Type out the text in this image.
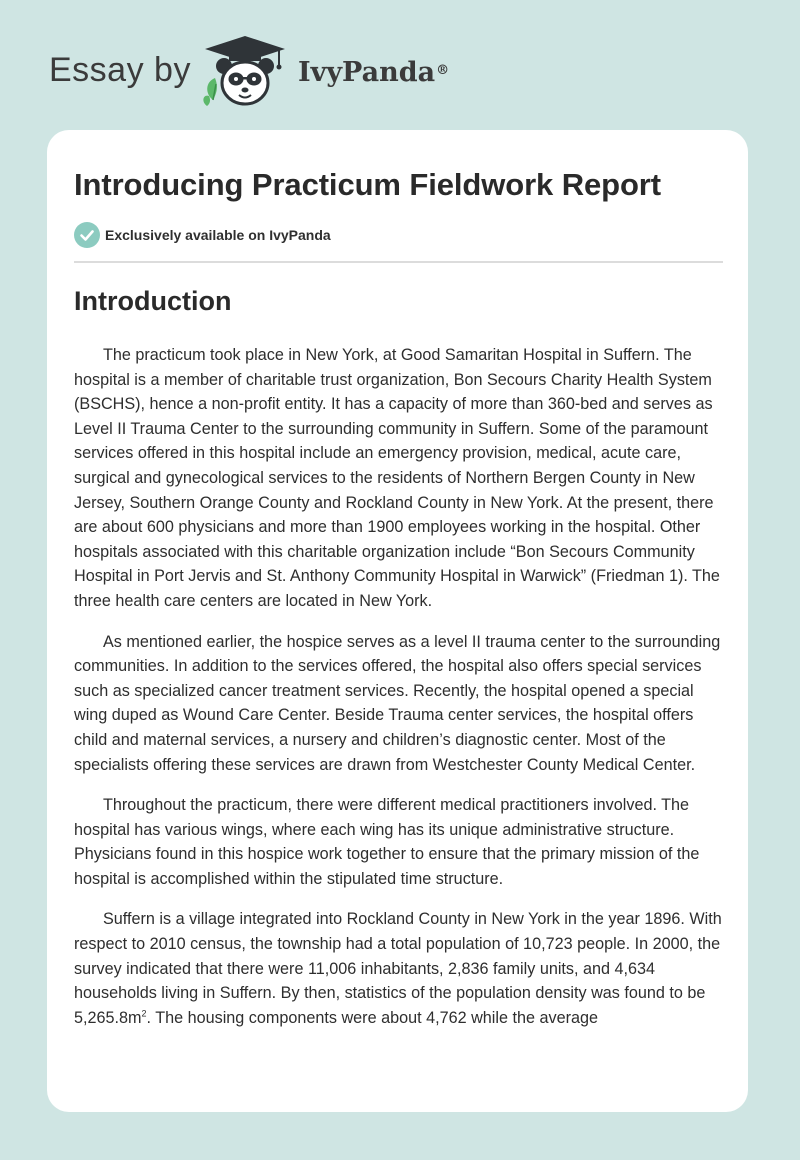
Essay by	IvyPanda®
Introducing Practicum Fieldwork Report
Exclusively available on IvyPanda
Introduction

The practicum took place in New York, at Good Samaritan Hospital in Suffern. The hospital is a member of charitable trust organization, Bon Secours Charity Health System (BSCHS), hence a non-profit entity. It has a capacity of more than 360-bed and serves as Level II Trauma Center to the surrounding community in Suffern. Some of the paramount services offered in this hospital include an emergency provision, medical, acute care, surgical and gynecological services to the residents of Northern Bergen County in New Jersey, Southern Orange County and Rockland County in New York. At the present, there are about 600 physicians and more than 1900 employees working in the hospital. Other hospitals associated with this charitable organization include “Bon Secours Community Hospital in Port Jervis and St. Anthony Community Hospital in Warwick” (Friedman 1). The three health care centers are located in New York.

As mentioned earlier, the hospice serves as a level II trauma center to the surrounding communities. In addition to the services offered, the hospital also offers special services such as specialized cancer treatment services. Recently, the hospital opened a special wing duped as Wound Care Center. Beside Trauma center services, the hospital offers child and maternal services, a nursery and children’s diagnostic center. Most of the specialists offering these services are drawn from Westchester County Medical Center.

Throughout the practicum, there were different medical practitioners involved. The hospital has various wings, where each wing has its unique administrative structure. Physicians found in this hospice work together to ensure that the primary mission of the hospital is accomplished within the stipulated time structure.

Suffern is a village integrated into Rockland County in New York in the year 1896. With respect to 2010 census, the township had a total population of 10,723 people. In 2000, the survey indicated that there were 11,006 inhabitants, 2,836 family units, and 4,634 households living in Suffern. By then, statistics of the population density was found to be $5,265.8m^2$. The housing components were about 4,762 while the average
